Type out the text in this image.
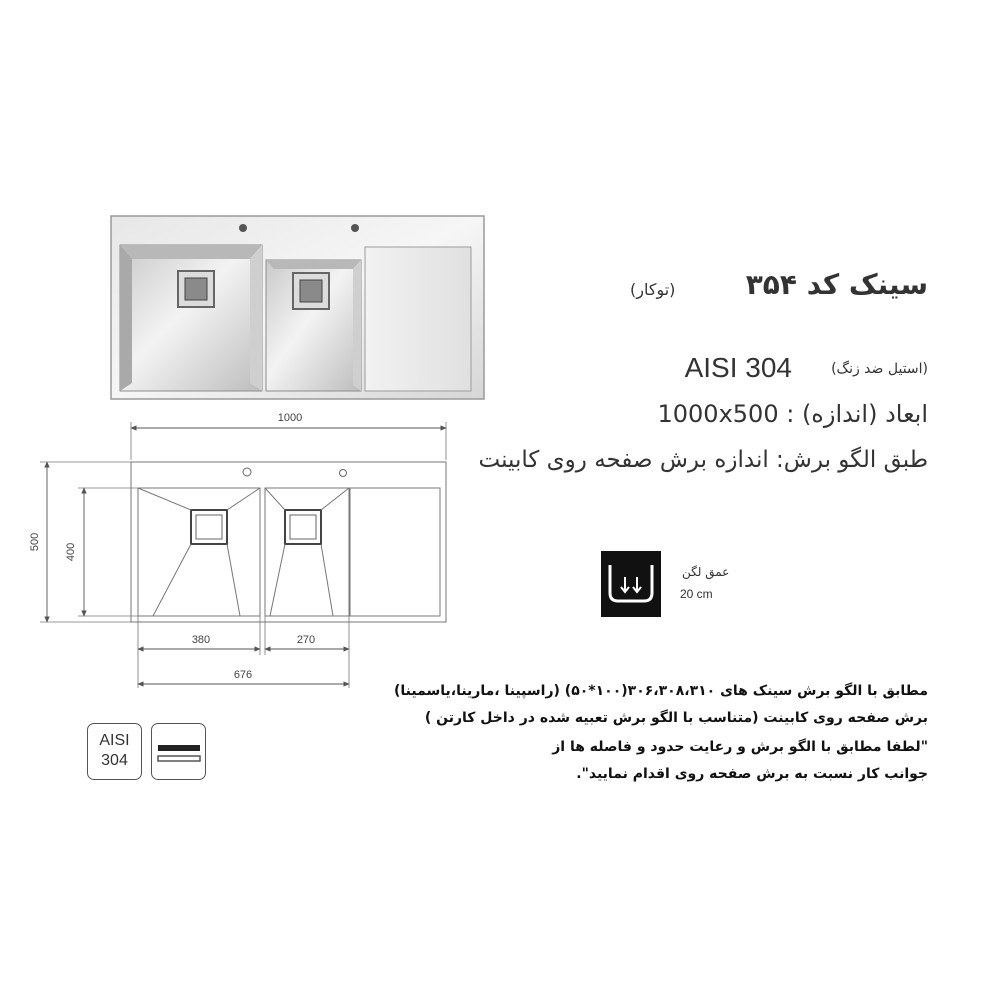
1000
500
400
380	270
676
سینک کد ۳۵۴
(توکار)
AISI 304	(استیل ضد زنگ)
1000x500 : ابعاد (اندازه)
طبق الگو برش: اندازه برش صفحه روی کابینت
عمق لگن
20 cm
مطابق با الگو برش سینک های ۳۰۶،۳۰۸،۳۱۰(۱۰۰*۵۰) (راسپینا ،مارینا،یاسمینا)
برش صفحه روی کابینت (متناسب با الگو برش تعبیه شده در داخل کارتن )
"لطفا مطابق با الگو برش و رعایت حدود و فاصله ها از
جوانب کار نسبت به برش صفحه روی اقدام نمایید".
AISI
304
